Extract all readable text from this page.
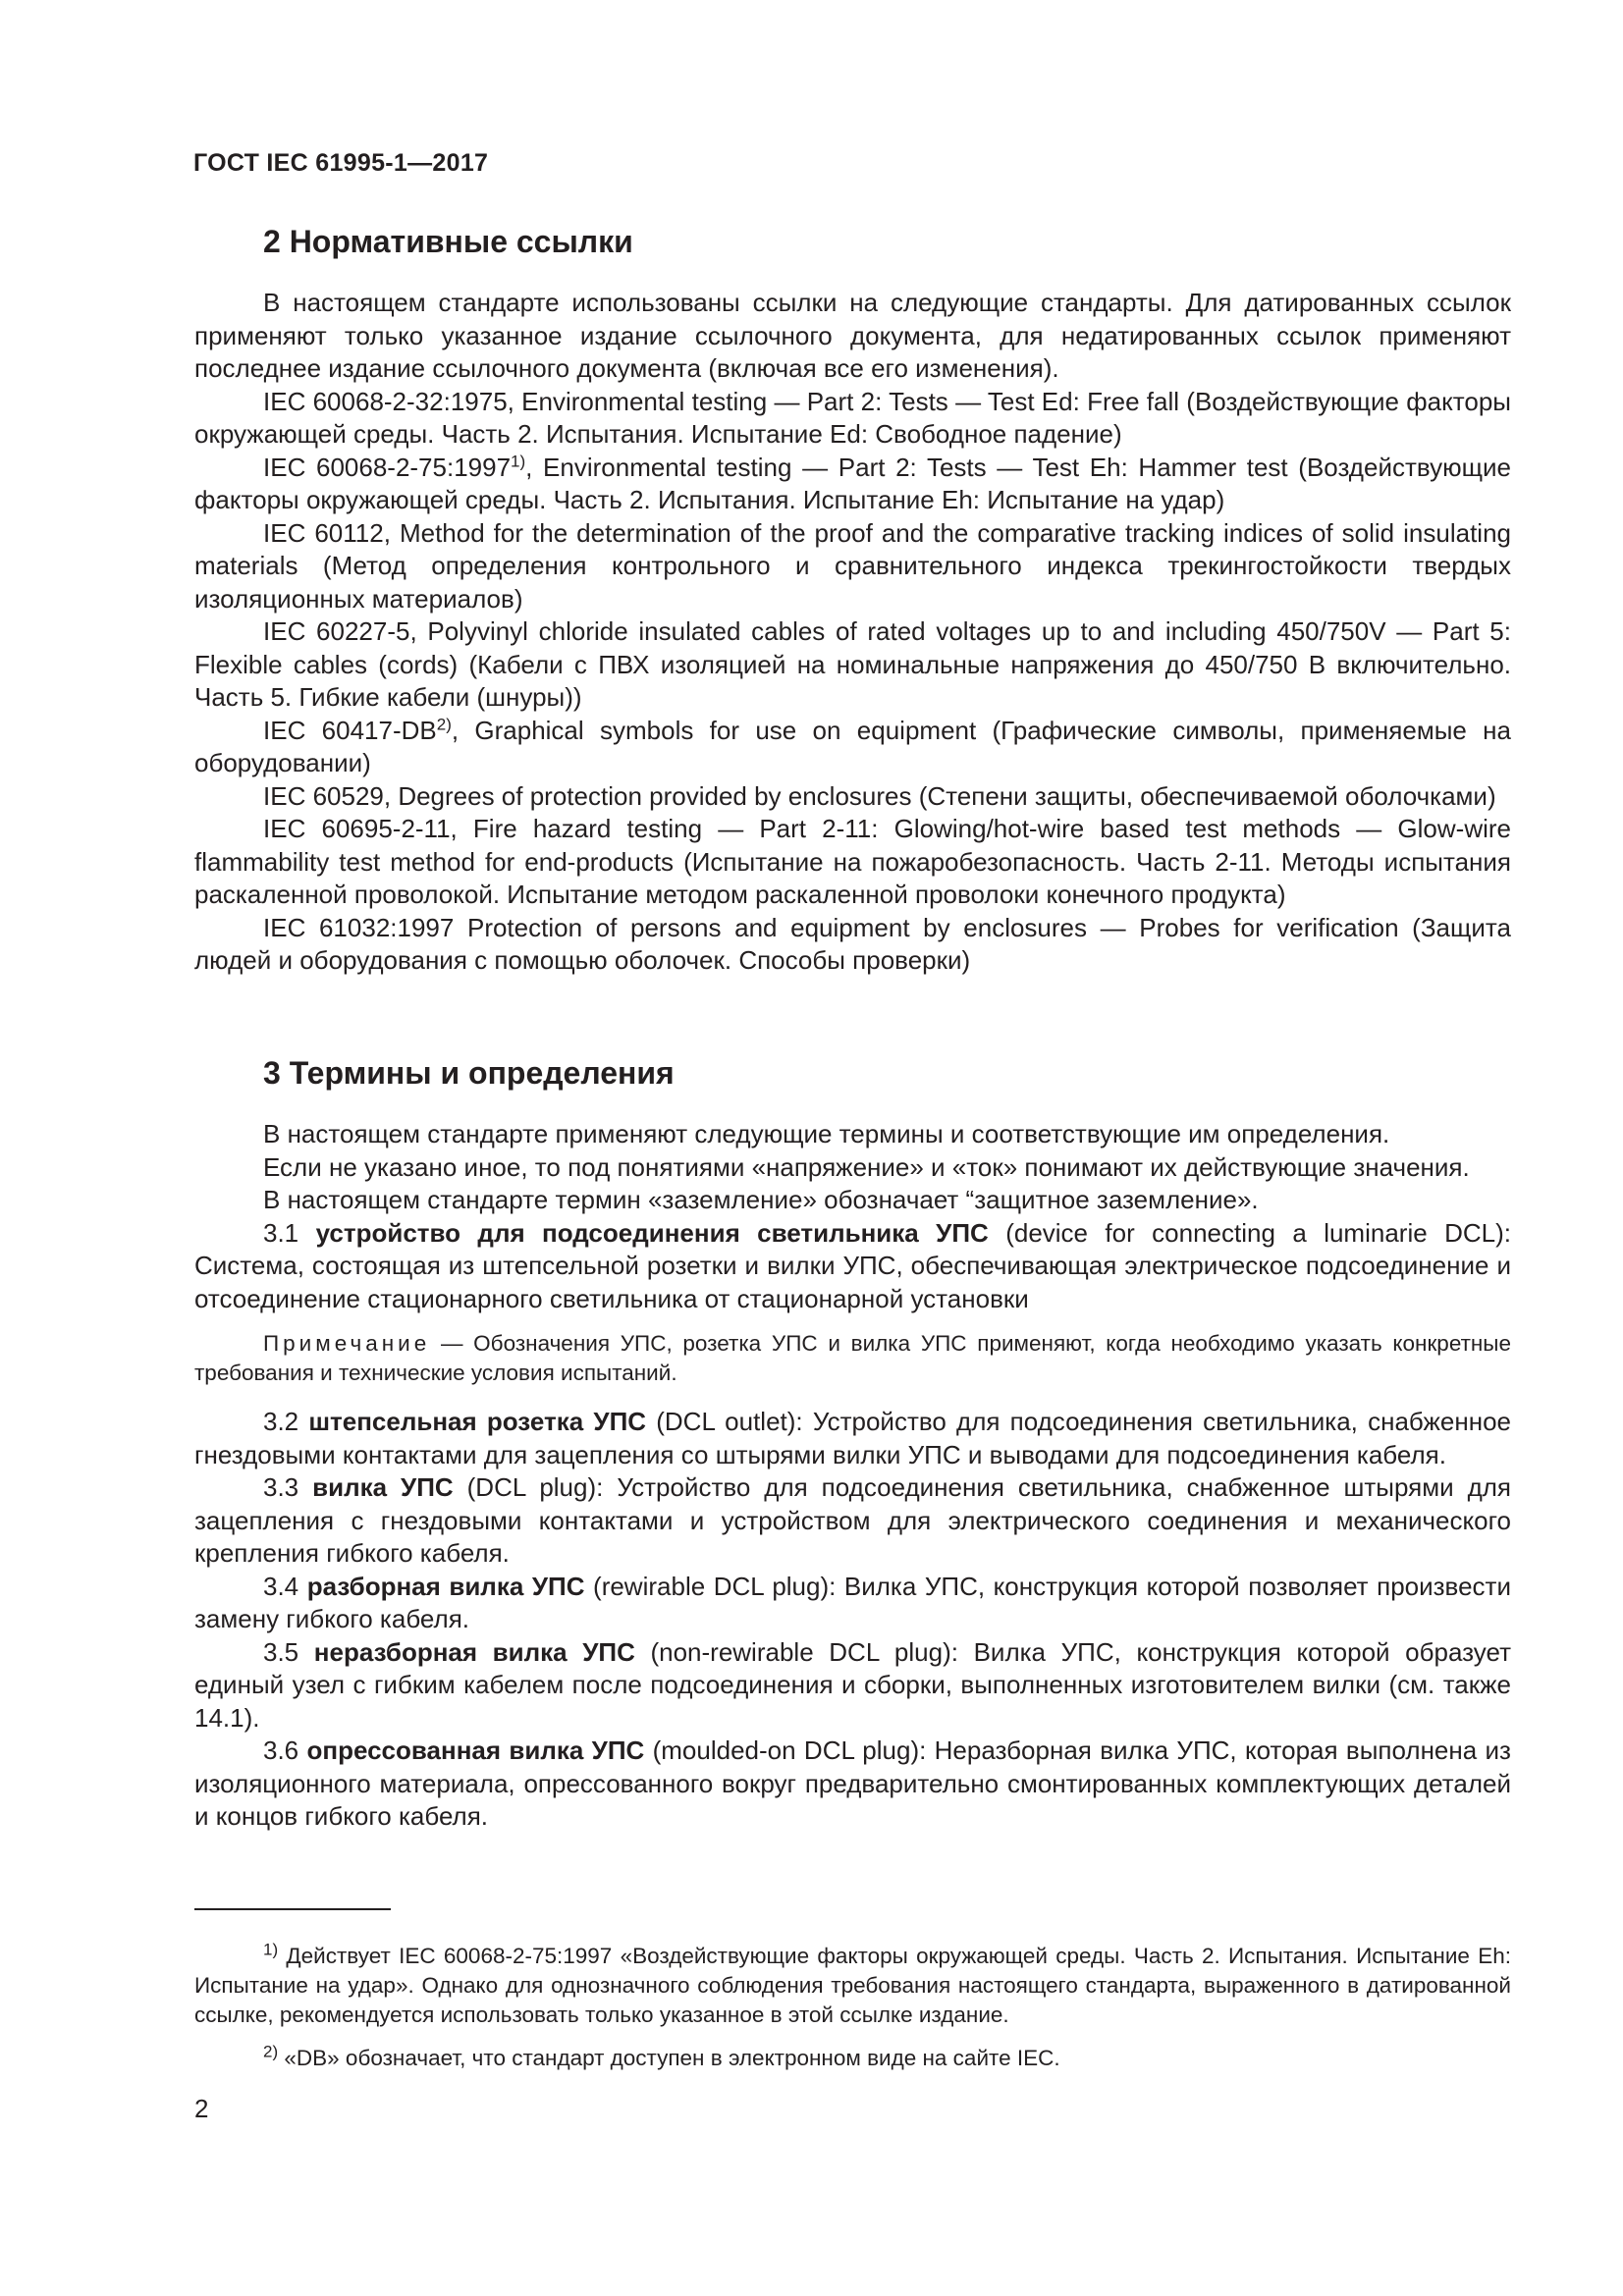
ГОСТ IEC 61995-1—2017
2 Нормативные ссылки

В настоящем стандарте использованы ссылки на следующие стандарты. Для датированных ссылок применяют только указанное издание ссылочного документа, для недатированных ссылок применяют последнее издание ссылочного документа (включая все его изменения).

IEC 60068-2-32:1975, Environmental testing — Part 2: Tests — Test Ed: Free fall (Воздействующие факторы окружающей среды. Часть 2. Испытания. Испытание Ed: Свободное падение)

IEC 60068-2-75:1997$^{1)}$, Environmental testing — Part 2: Tests — Test Eh: Hammer test (Воздействующие факторы окружающей среды. Часть 2. Испытания. Испытание Eh: Испытание на удар)

IEC 60112, Method for the determination of the proof and the comparative tracking indices of solid insulating materials (Метод определения контрольного и сравнительного индекса трекингостойкости твердых изоляционных материалов)

IEC 60227-5, Polyvinyl chloride insulated cables of rated voltages up to and including 450/750V — Part 5: Flexible cables (cords) (Кабели с ПВХ изоляцией на номинальные напряжения до 450/750 В включительно. Часть 5. Гибкие кабели (шнуры))

IEC 60417-DB$^{2)}$, Graphical symbols for use on equipment (Графические символы, применяемые на оборудовании)

IEC 60529, Degrees of protection provided by enclosures (Степени защиты, обеспечиваемой оболочками)

IEC 60695-2-11, Fire hazard testing — Part 2-11: Glowing/hot-wire based test methods — Glow-wire flammability test method for end-products (Испытание на пожаробезопасность. Часть 2-11. Методы испытания раскаленной проволокой. Испытание методом раскаленной проволоки конечного продукта)

IEC 61032:1997 Protection of persons and equipment by enclosures — Probes for verification (Защита людей и оборудования с помощью оболочек. Способы проверки)

3 Термины и определения

В настоящем стандарте применяют следующие термины и соответствующие им определения.

Если не указано иное, то под понятиями «напряжение» и «ток» понимают их действующие значения.

В настоящем стандарте термин «заземление» обозначает “защитное заземление».

3.1 устройство для подсоединения светильника УПС (device for connecting a luminarie DCL): Система, состоящая из штепсельной розетки и вилки УПС, обеспечивающая электрическое подсоединение и отсоединение стационарного светильника от стационарной установки

Примечание — Обозначения УПС, розетка УПС и вилка УПС применяют, когда необходимо указать конкретные требования и технические условия испытаний.

3.2 штепсельная розетка УПС (DCL outlet): Устройство для подсоединения светильника, снабженное гнездовыми контактами для зацепления со штырями вилки УПС и выводами для подсоединения кабеля.

3.3 вилка УПС (DCL plug): Устройство для подсоединения светильника, снабженное штырями для зацепления с гнездовыми контактами и устройством для электрического соединения и механического крепления гибкого кабеля.

3.4 разборная вилка УПС (rewirable DCL plug): Вилка УПС, конструкция которой позволяет произвести замену гибкого кабеля.

3.5 неразборная вилка УПС (non-rewirable DCL plug): Вилка УПС, конструкция которой образует единый узел с гибким кабелем после подсоединения и сборки, выполненных изготовителем вилки (см. также 14.1).

3.6 опрессованная вилка УПС (moulded-on DCL plug): Неразборная вилка УПС, которая выполнена из изоляционного материала, опрессованного вокруг предварительно смонтированных комплектующих деталей и концов гибкого кабеля.

$^{1)}$ Действует IEC 60068-2-75:1997 «Воздействующие факторы окружающей среды. Часть 2. Испытания. Испытание Eh: Испытание на удар». Однако для однозначного соблюдения требования настоящего стандарта, выраженного в датированной ссылке, рекомендуется использовать только указанное в этой ссылке издание.

$^{2)}$ «DB» обозначает, что стандарт доступен в электронном виде на сайте IEC.

2
